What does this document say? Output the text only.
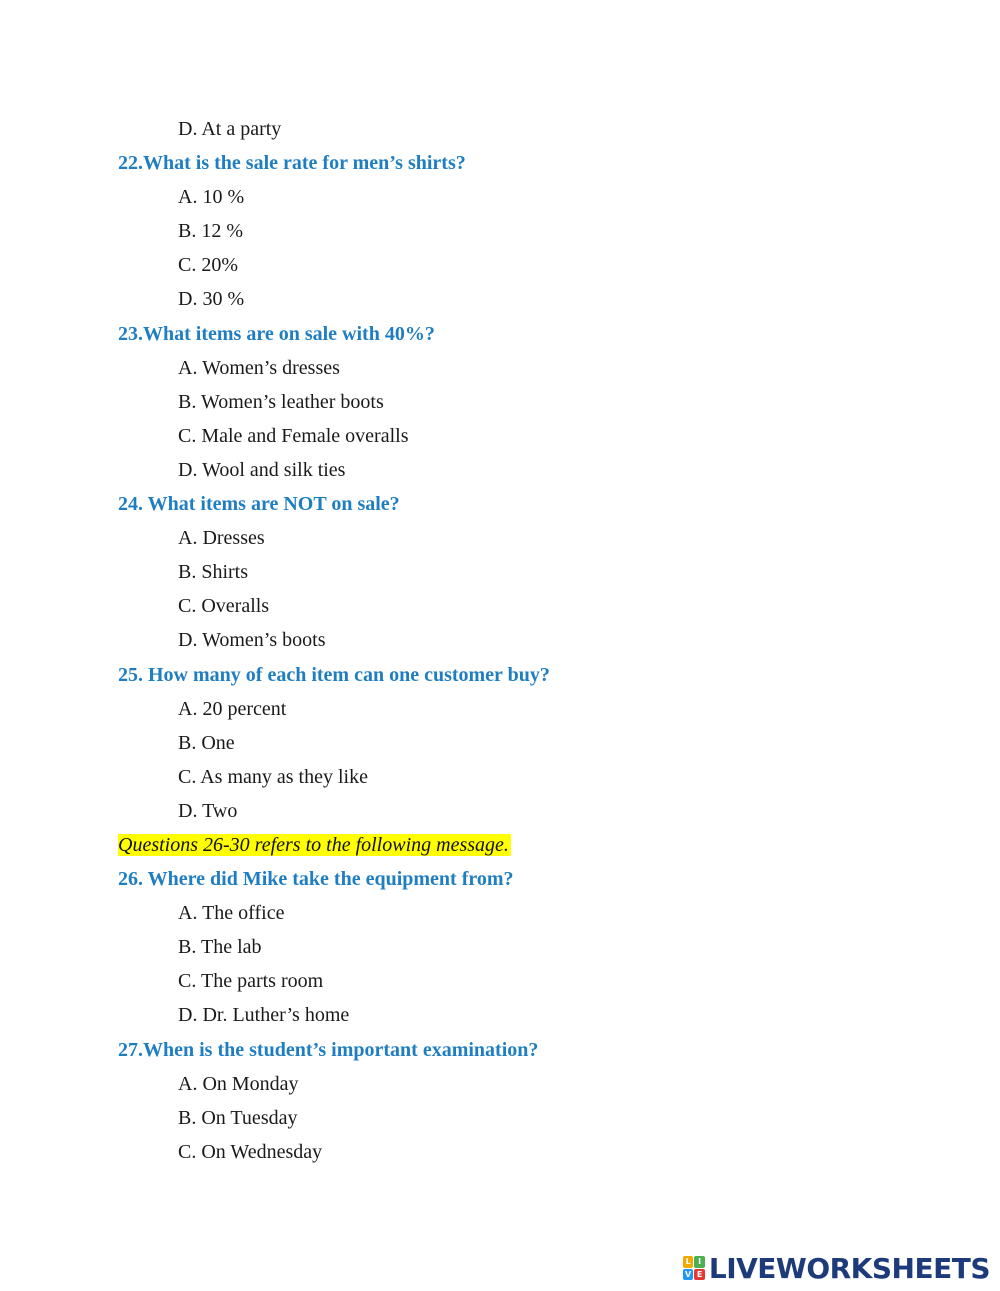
D. At a party
22.What is the sale rate for men’s shirts?
A. 10 %
B. 12 %
C. 20%
D. 30 %
23.What items are on sale with 40%?
A. Women’s dresses
B. Women’s leather boots
C. Male and Female overalls
D. Wool and silk ties
24. What items are NOT on sale?
A. Dresses
B. Shirts
C. Overalls
D. Women’s boots
25. How many of each item can one customer buy?
A. 20 percent
B. One
C. As many as they like
D. Two
Questions 26-30 refers to the following message.
26. Where did Mike take the equipment from?
A. The office
B. The lab
C. The parts room
D. Dr. Luther’s home
27.When is the student’s important examination?
A. On Monday
B. On Tuesday
C. On Wednesday
L I
V E LIVEWORKSHEETS
